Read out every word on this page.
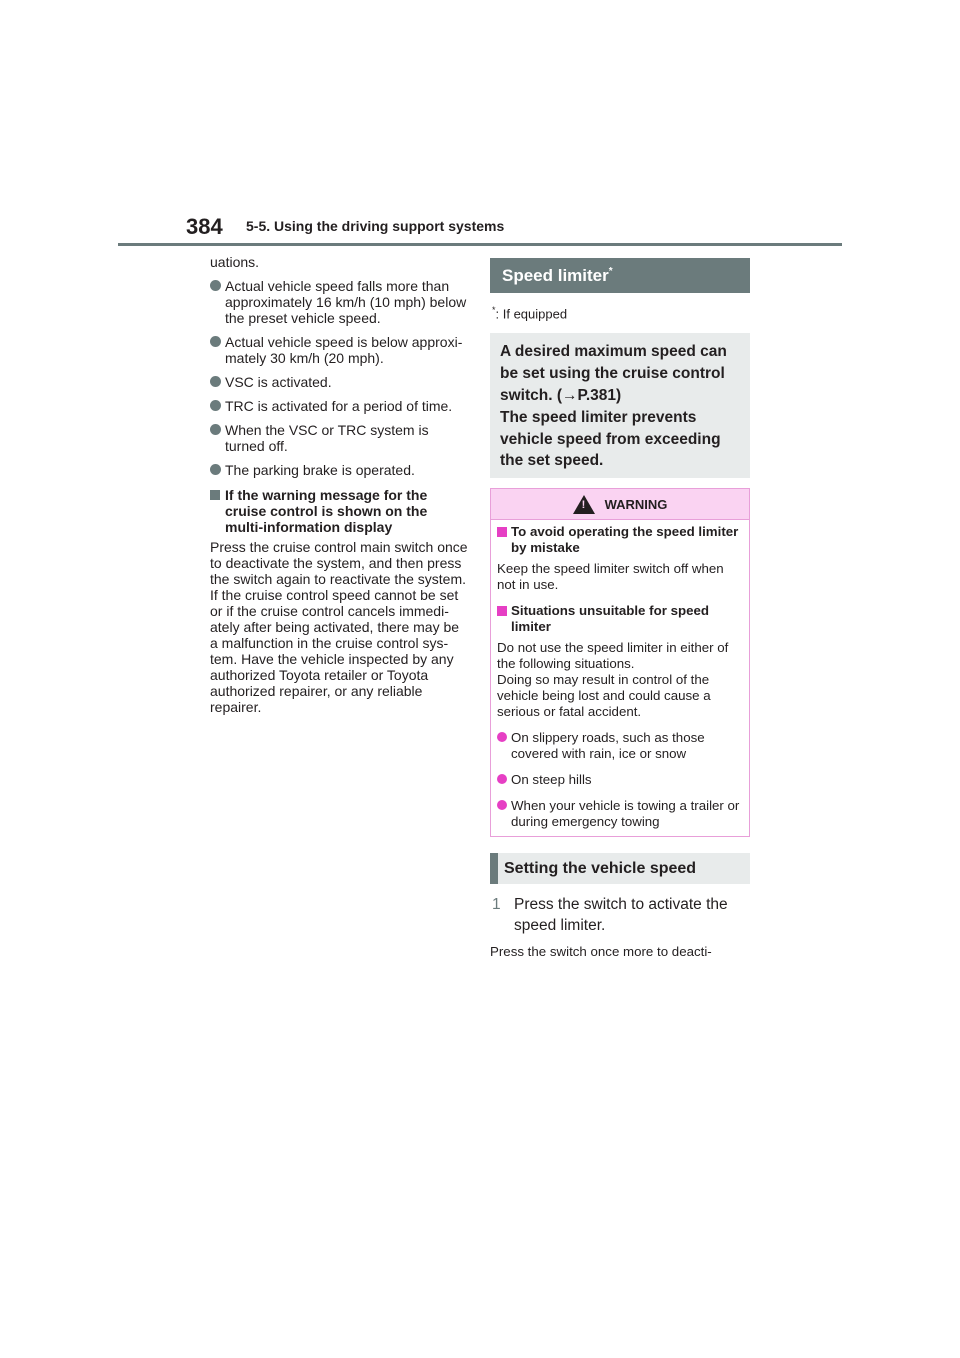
384 5-5. Using the driving support systems

uations.

Actual vehicle speed falls more than approximately 16 km/h (10 mph) below the preset vehicle speed.
Actual vehicle speed is below approxi-mately 30 km/h (20 mph).
VSC is activated.
TRC is activated for a period of time.
When the VSC or TRC system is turned off.
The parking brake is operated.
If the warning message for the cruise control is shown on the multi-information display

Press the cruise control main switch once to deactivate the system, and then press the switch again to reactivate the system.

If the cruise control speed cannot be set or if the cruise control cancels immedi-ately after being activated, there may be a malfunction in the cruise control sys-tem. Have the vehicle inspected by any authorized Toyota retailer or Toyota authorized repairer, or any reliable repairer.

Speed limiter*
*: If equipped
A desired maximum speed can be set using the cruise control switch. (→P.381)
The speed limiter prevents vehicle speed from exceeding the set speed.
! WARNING
To avoid operating the speed limiter by mistake

Keep the speed limiter switch off when not in use.

Situations unsuitable for speed limiter

Do not use the speed limiter in either of the following situations.

Doing so may result in control of the vehicle being lost and could cause a serious or fatal accident.

On slippery roads, such as those covered with rain, ice or snow
On steep hills
When your vehicle is towing a trailer or during emergency towing
Setting the vehicle speed
1 Press the switch to activate the speed limiter.
Press the switch once more to deacti-
